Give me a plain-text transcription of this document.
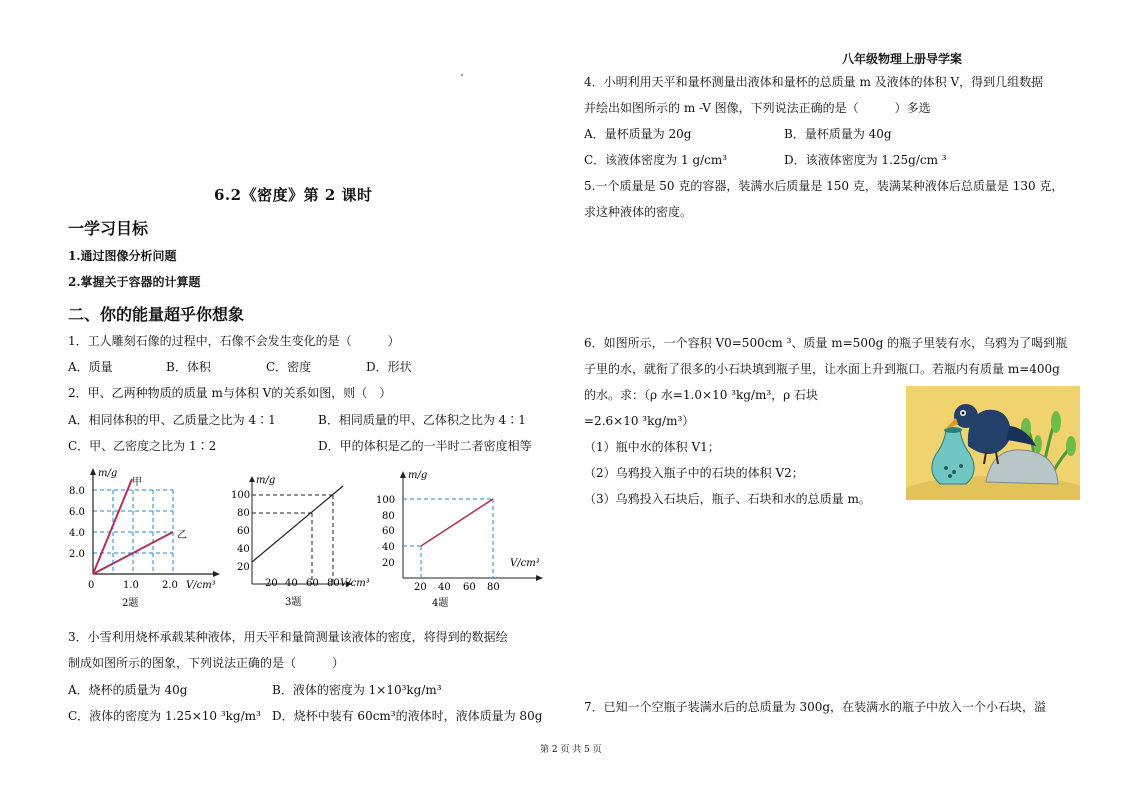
八年级物理上册导学案
6.2《密度》第 2 课时
一学习目标
1.通过图像分析问题
2.掌握关于容器的计算题
二、你的能量超乎你想象
1．工人雕刻石像的过程中，石像不会发生变化的是（　　　）
A．质量	B．体积	C．密度	D．形状
2．甲、乙两种物质的质量 m与体积 V的关系如图，则（　）
A．相同体积的甲、乙质量之比为 4∶1	B．相同质量的甲、乙体积之比为 4∶1
C．甲、乙密度之比为 1∶2	D．甲的体积是乙的一半时二者密度相等
m/g
甲
乙
8.0
6.0
4.0
2.0
0	1.0 2.0 V/cm³
2题
m/g
100
80
60
40
20
20 40 60 80 V/cm³
3题
m/g
100
80
60
40
20
20 40 60 80
V/cm³
4题
3．小雪利用烧杯承载某种液体，用天平和量筒测量该液体的密度，将得到的数据绘
制成如图所示的图象，下列说法正确的是（　　　）
A．烧杯的质量为 40g	B．液体的密度为 1×10³kg/m³
C．液体的密度为 1.25×10 ³kg/m³ D．烧杯中装有 60cm³的液体时，液体质量为 80g
4．小明利用天平和量杯测量出液体和量杯的总质量 m 及液体的体积 V，得到几组数据
并绘出如图所示的 m -V 图像，下列说法正确的是（　　　）多选
A．量杯质量为 20g	B．量杯质量为 40g
C．该液体密度为 1 g/cm³	D．该液体密度为 1.25g/cm ³
5.一个质量是 50 克的容器，装满水后质量是 150 克，装满某种液体后总质量是 130 克，
求这种液体的密度。
6．如图所示，一个容积 V0=500cm ³、质量 m=500g 的瓶子里装有水，乌鸦为了喝到瓶
子里的水，就衔了很多的小石块填到瓶子里，让水面上升到瓶口。若瓶内有质量 m=400g
的水。求：（ρ 水=1.0×10 ³kg/m³，ρ 石块
=2.6×10 ³kg/m³）
（1）瓶中水的体积 V1；
（2）乌鸦投入瓶子中的石块的体积 V2；
（3）乌鸦投入石块后，瓶子、石块和水的总质量 m。
7．已知一个空瓶子装满水后的总质量为 300g，在装满水的瓶子中放入一个小石块，溢
第 2 页 共 5 页
